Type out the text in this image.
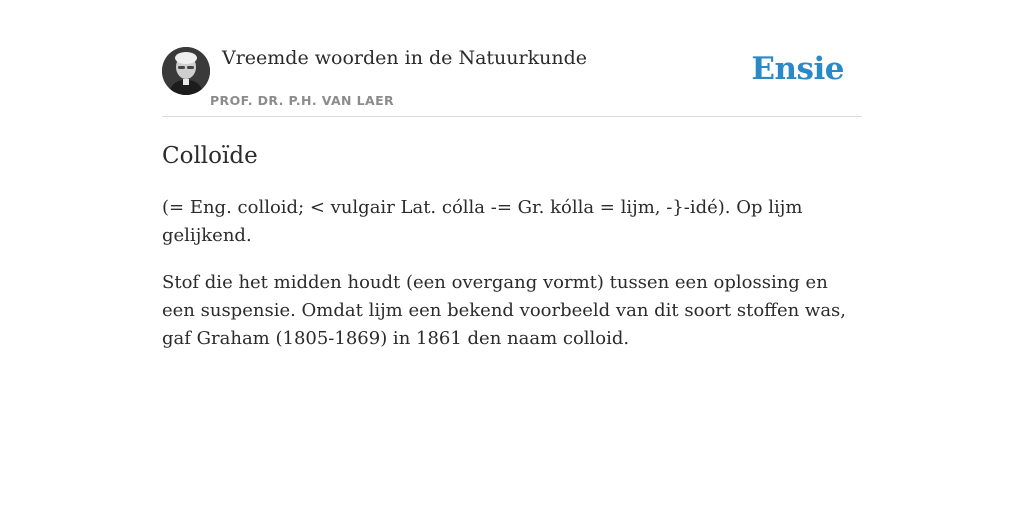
Vreemde woorden in de Natuurkunde
PROF. DR. P.H. VAN LAER
Ensie
Colloïde

(= Eng. colloid; < vulgair Lat. cólla -= Gr. kólla = lijm, -}-idé). Op lijm gelijkend.

Stof die het midden houdt (een overgang vormt) tussen een oplossing en een suspensie. Omdat lijm een bekend voorbeeld van dit soort stoffen was, gaf Graham (1805-1869) in 1861 den naam colloid.
